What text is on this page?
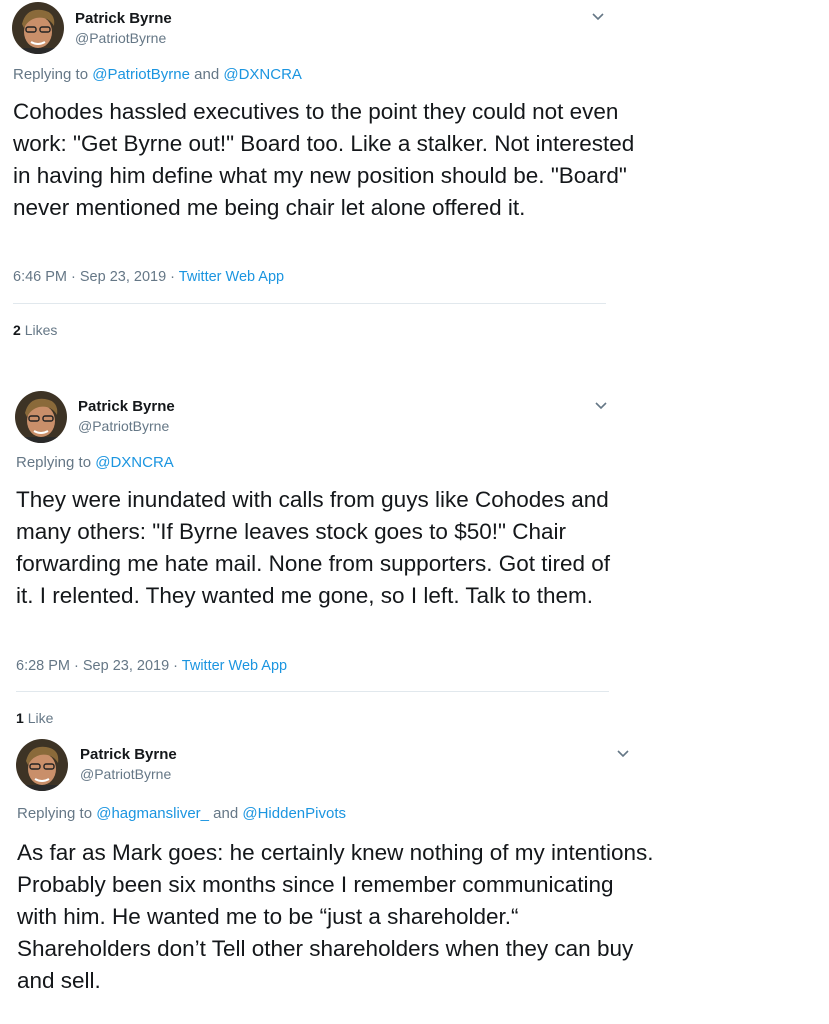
Patrick Byrne
@PatriotByrne
Replying to @PatriotByrne and @DXNCRA
Cohodes hassled executives to the point they could not even work: "Get Byrne out!" Board too. Like a stalker. Not interested in having him define what my new position should be. "Board" never mentioned me being chair let alone offered it.
6:46 PM · Sep 23, 2019 · Twitter Web App
2 Likes
Patrick Byrne
@PatriotByrne
Replying to @DXNCRA
They were inundated with calls from guys like Cohodes and many others: "If Byrne leaves stock goes to $50!" Chair forwarding me hate mail. None from supporters. Got tired of it. I relented. They wanted me gone, so I left. Talk to them.
6:28 PM · Sep 23, 2019 · Twitter Web App
1 Like
Patrick Byrne
@PatriotByrne
Replying to @hagmansliver_ and @HiddenPivots
As far as Mark goes: he certainly knew nothing of my intentions. Probably been six months since I remember communicating with him. He wanted me to be “just a shareholder.“ Shareholders don’t Tell other shareholders when they can buy and sell.
